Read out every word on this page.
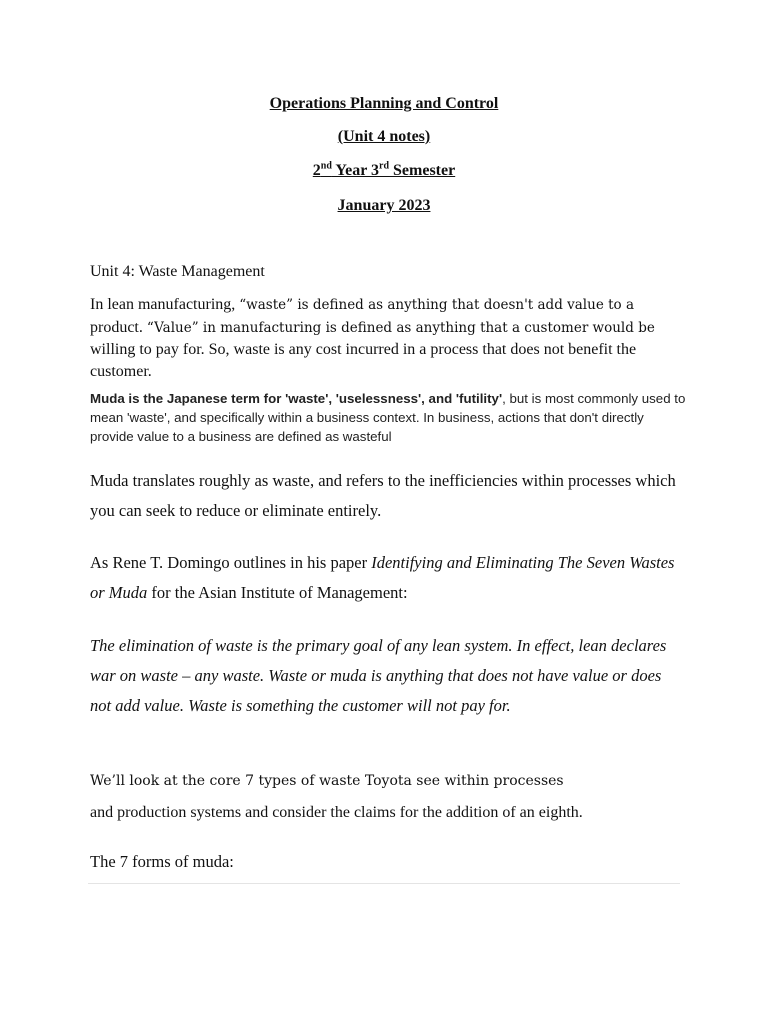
Operations Planning and Control
(Unit 4 notes)
2nd Year 3rd Semester
January 2023
Unit 4: Waste Management
In lean manufacturing, “waste” is defined as anything that doesn't add value to a product. “Value” in manufacturing is defined as anything that a customer would be willing to pay for. So, waste is any cost incurred in a process that does not benefit the customer.
Muda is the Japanese term for 'waste', 'uselessness', and 'futility', but is most commonly used to mean 'waste', and specifically within a business context. In business, actions that don't directly provide value to a business are defined as wasteful
Muda translates roughly as waste, and refers to the inefficiencies within processes which you can seek to reduce or eliminate entirely.
As Rene T. Domingo outlines in his paper Identifying and Eliminating The Seven Wastes or Muda for the Asian Institute of Management:
The elimination of waste is the primary goal of any lean system. In effect, lean declares war on waste – any waste. Waste or muda is anything that does not have value or does not add value. Waste is something the customer will not pay for.
We’ll look at the core 7 types of waste Toyota see within processes
and production systems and consider the claims for the addition of an eighth.
The 7 forms of muda:
